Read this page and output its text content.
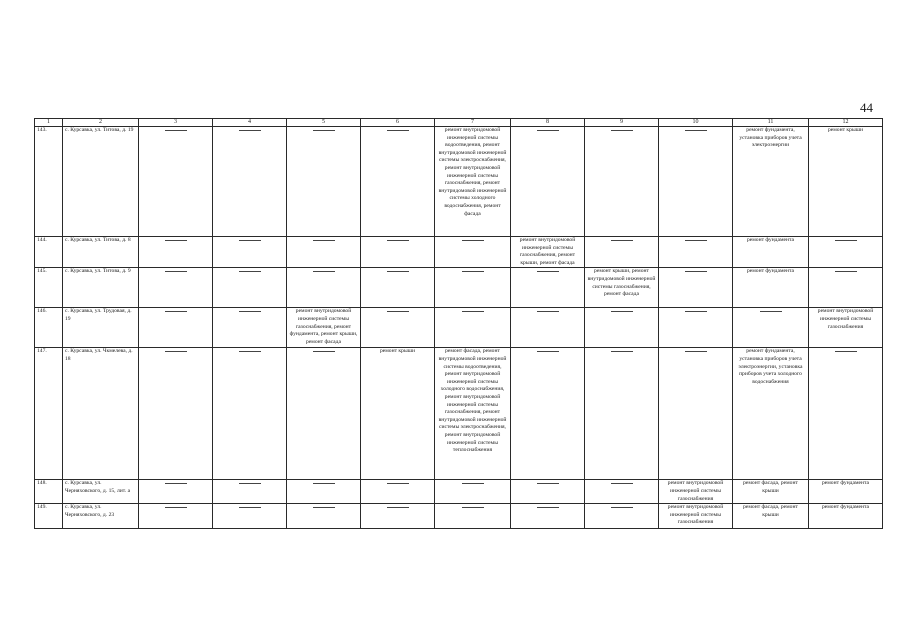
44
1	2	3	4	5	6	7	8	9	10	11	12
143.	с. Курсавка, ул. Титова, д. 19					ремонт внутридомовой инженерной системы водоотведения, ремонт внутридомовой инженерной системы электроснабжения, ремонт внутридомовой инженерной системы газоснабжения, ремонт внутридомовой инженерной системы холодного водоснабжения, ремонт фасада				ремонт фундамента, установка приборов учета электроэнергии	ремонт крыши
144.	с. Курсавка, ул. Титова, д. 8						ремонт внутридомовой инженерной системы газоснабжения, ремонт крыши, ремонт фасада			ремонт фундамента	
145.	с. Курсавка, ул. Титова, д. 9							ремонт крыши, ремонт внутридомовой инженерной системы газоснабжения, ремонт фасада		ремонт фундамента	
146.	с. Курсавка, ул. Трудовая, д. 19			ремонт внутридомовой инженерной системы газоснабжения, ремонт фундамента, ремонт крыши, ремонт фасада							ремонт внутридомовой инженерной системы газоснабжения
147.	с. Курсавка, ул. Чкмелева, д. 18				ремонт крыши	ремонт фасада, ремонт внутридомовой инженерной системы водоотведения, ремонт внутридомовой инженерной системы холодного водоснабжения, ремонт внутридомовой инженерной системы газоснабжения, ремонт внутридомовой инженерной системы электроснабжения, ремонт внутридомовой инженерной системы теплоснабжения				ремонт фундамента, установка приборов учета электроэнергии, установка приборов учета холодного водоснабжения	
148.	с. Курсавка, ул. Черняховского, д. 15, лит. а								ремонт внутридомовой инженерной системы газоснабжения	ремонт фасада, ремонт крыши	ремонт фундамента
149.	с. Курсавка, ул. Черняховского, д. 23								ремонт внутридомовой инженерной системы газоснабжения	ремонт фасада, ремонт крыши	ремонт фундамента
